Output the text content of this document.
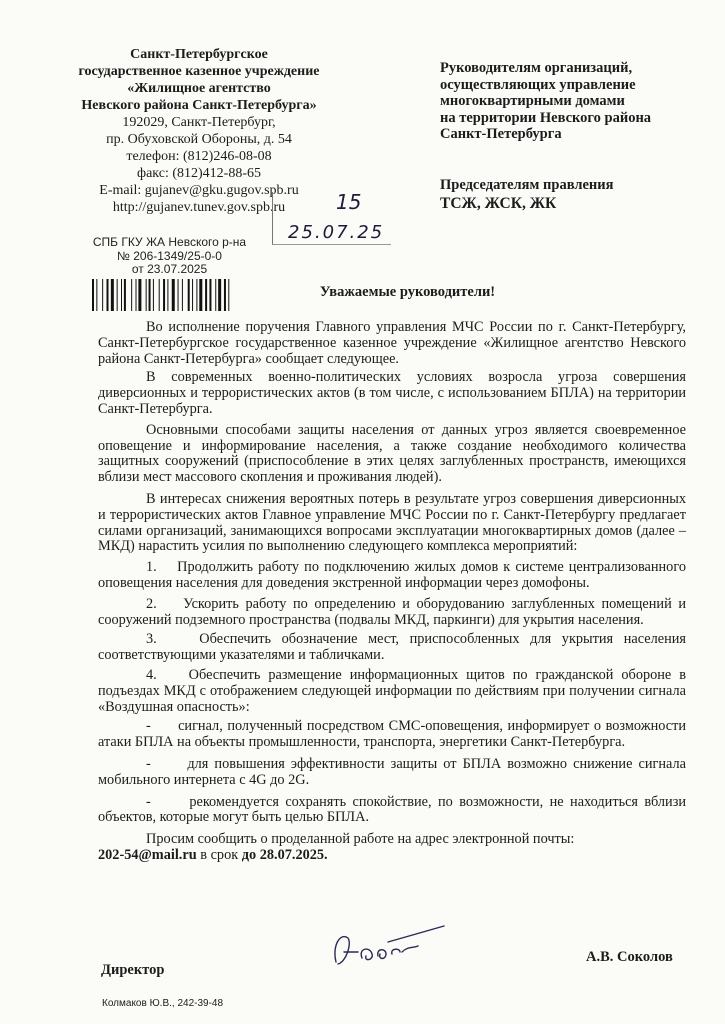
Санкт-Петербургское
государственное казенное учреждение
«Жилищное агентство
Невского района Санкт-Петербурга»
192029, Санкт-Петербург,
пр. Обуховской Обороны, д. 54
телефон: (812)246-08-08
факс: (812)412-88-65
E-mail: gujanev@gku.gugov.spb.ru
http://gujanev.tunev.gov.spb.ru
Руководителям организаций,
осуществляющих управление
многоквартирными домами
на территории Невского района
Санкт-Петербурга
Председателям правления
ТСЖ, ЖСК, ЖК
15
25.07.25
СПБ ГКУ ЖА Невского р-на
№ 206-1349/25-0-0
от 23.07.2025
Уважаемые руководители!

Во исполнение поручения Главного управления МЧС России по г. Санкт-Петербургу, Санкт-Петербургское государственное казенное учреждение «Жилищное агентство Невского района Санкт-Петербурга» сообщает следующее.

В современных военно-политических условиях возросла угроза совершения диверсионных и террористических актов (в том числе, с использованием БПЛА) на территории Санкт-Петербурга.

Основными способами защиты населения от данных угроз является своевременное оповещение и информирование населения, а также создание необходимого количества защитных сооружений (приспособление в этих целях заглубленных пространств, имеющихся вблизи мест массового скопления и проживания людей).

В интересах снижения вероятных потерь в результате угроз совершения диверсионных и террористических актов Главное управление МЧС России по г. Санкт-Петербургу предлагает силами организаций, занимающихся вопросами эксплуатации многоквартирных домов (далее – МКД) нарастить усилия по выполнению следующего комплекса мероприятий:

1.    Продолжить работу по подключению жилых домов к системе централизованного оповещения населения для доведения экстренной информации через домофоны.

2.    Ускорить работу по определению и оборудованию заглубленных помещений и сооружений подземного пространства (подвалы МКД, паркинги) для укрытия населения.

3.    Обеспечить обозначение мест, приспособленных для укрытия населения соответствующими указателями и табличками.

4.    Обеспечить размещение информационных щитов по гражданской обороне в подъездах МКД с отображением следующей информации по действиям при получении сигнала «Воздушная опасность»:

-      сигнал, полученный посредством СМС-оповещения, информирует о возможности атаки БПЛА на объекты промышленности, транспорта, энергетики Санкт-Петербурга.

-      для повышения эффективности защиты от БПЛА возможно снижение сигнала мобильного интернета с 4G до 2G.

-      рекомендуется сохранять спокойствие, по возможности, не находиться вблизи объектов, которые могут быть целью БПЛА.

Просим сообщить о проделанной работе на адрес электронной почты:

202-54@mail.ru в срок до 28.07.2025.

Директор
А.В. Соколов
Колмаков Ю.В., 242-39-48
